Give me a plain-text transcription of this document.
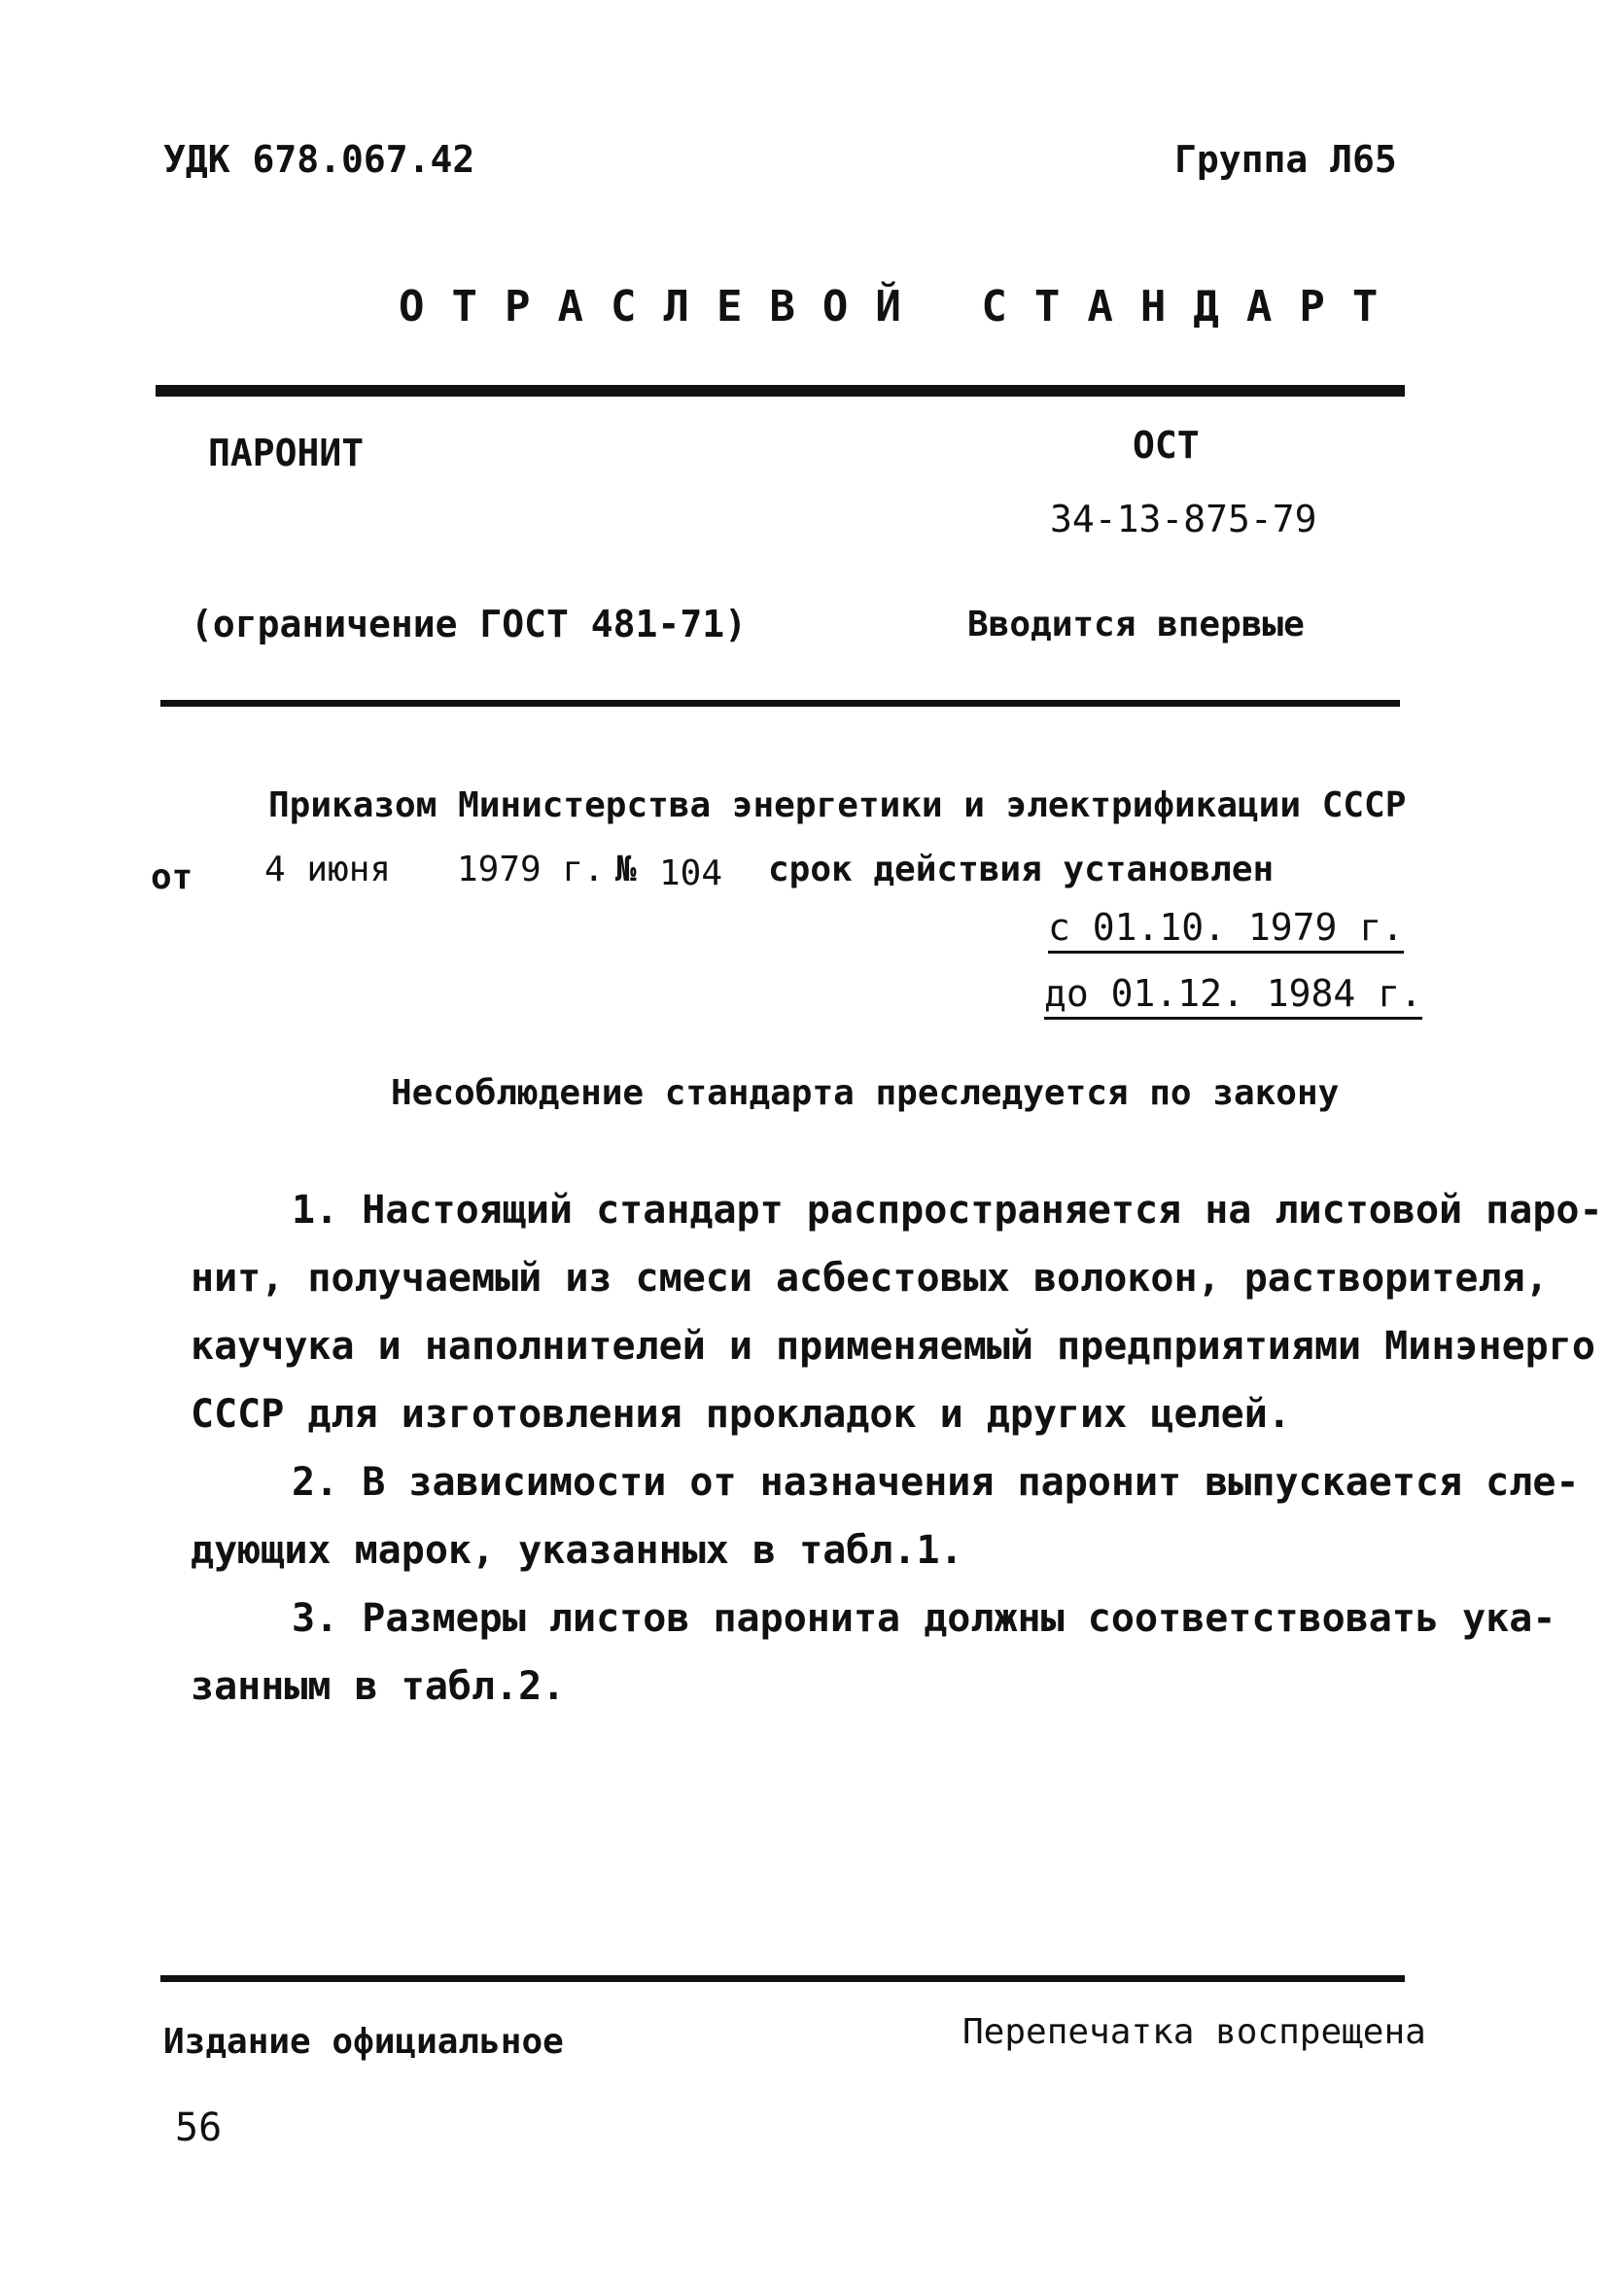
УДК 678.067.42	Группа Л65
ОТРАСЛЕВОЙ СТАНДАРТ
ПАРОНИТ	ОСТ
34-13-875-79
(ограничение ГОСТ 481-71)	Вводится впервые
Приказом Министерства энергетики и электрификации СССР
от 4 июня 1979 г. № 104 срок действия установлен
с 01.10. 1979 г.
до 01.12. 1984 г.
Несоблюдение стандарта преследуется по закону
1. Настоящий стандарт распространяется на листовой паро-
нит, получаемый из смеси асбестовых волокон, растворителя,
каучука и наполнителей и применяемый предприятиями Минэнерго
СССР для изготовления прокладок и других целей.
2. В зависимости от назначения паронит выпускается сле-
дующих марок, указанных в табл.1.
3. Размеры листов паронита должны соответствовать ука-
занным в табл.2.
Издание официальное	Перепечатка воспрещена
56
